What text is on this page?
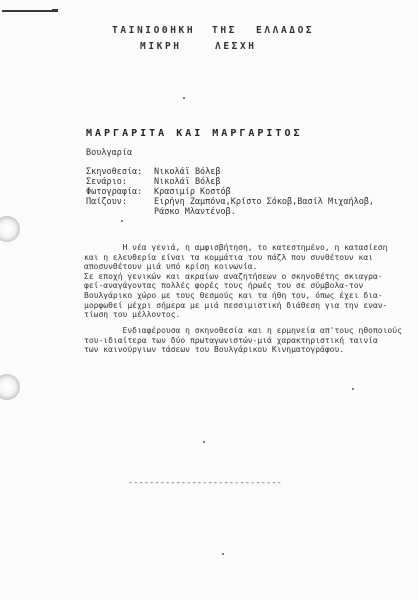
ΤΑΙΝΙΟΘΗΚΗ ΤΗΣ ΕΛΛΑΔΟΣ
ΜΙΚΡΗ	ΛΕΣΧΗ
ΜΑΡΓΑΡΙΤΑ ΚΑΙ ΜΑΡΓΑΡΙΤΟΣ
Βουλγαρία
Σκηνοθεσία:	Νικολάϊ Βόλεβ
Σενάριο:	Νικολάϊ Βόλεβ
Φωτογραφία:	Κρασιμίρ Κοστόβ
Παίζουν:	Ειρήνη Ζαμπόνα,Κρίστο Σόκοβ,Βασίλ Μιχαήλοβ,
Ράσκο Μλαντένοβ.
Η νέα γενιά, η αμφισβήτηση, το κατεστημένο, η κατασίεση
και η ελευθερία είναι τα κομμάτια του πάζλ που συνθέτουν και
αποσυνθέτουν μιά υπό κρίση κοινωνία.
Σε εποχή γενικών και ακραίων αναζητήσεων ο σκηνοθέτης σκιαγρα-
φεί-αναγάγοντας πολλές φορές τους ήρωές του σε σύμβολα-τον
Βουλγάρικο χώρο με τους θεσμούς και τα ήθη του, όπως έχει δια-
μορφωθεί μέχρι σήμερα με μιά πεσσιμιστική διάθεση για την εναν-
τίωση του μέλλοντος.
Ενδιαφέρουσα η σκηνοθεσία και η ερμηνεία απ'τους ηθοποιούς
του-ιδιαίτερα των δύο πρωταγωνιστών-μιά χαρακτηριστική ταινία
των καινούργιων τάσεων του Βουλγάρικου Κινηματογράφου.
-----------------------------
